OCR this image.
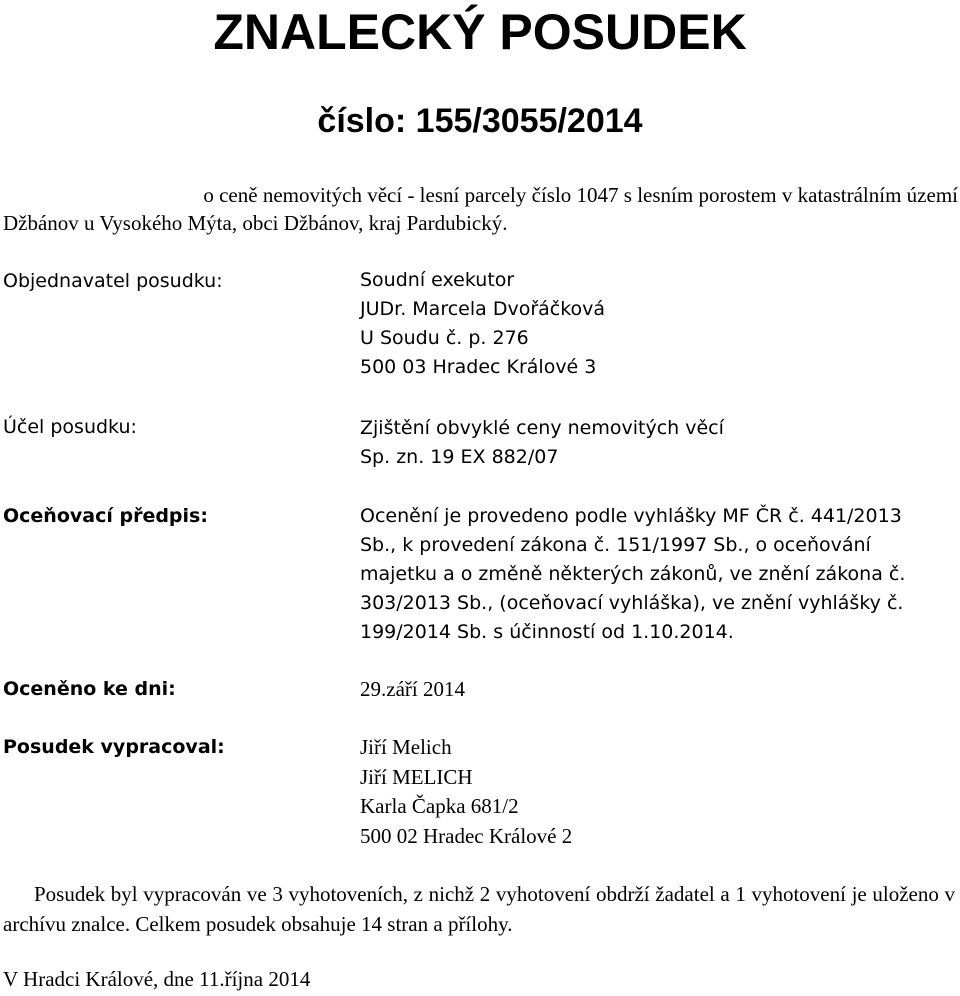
ZNALECKÝ POSUDEK
číslo: 155/3055/2014
o ceně nemovitých věcí - lesní parcely číslo 1047 s lesním porostem v katastrálním území
Džbánov u Vysokého Mýta, obci Džbánov, kraj Pardubický.
Objednavatel posudku:	Soudní exekutor
JUDr. Marcela Dvořáčková
U Soudu č. p. 276
500 03 Hradec Králové 3
Účel posudku:	Zjištění obvyklé ceny nemovitých věcí
Sp. zn. 19 EX 882/07
Oceňovací předpis:	Ocenění je provedeno podle vyhlášky MF ČR č. 441/2013
Sb., k provedení zákona č. 151/1997 Sb., o oceňování
majetku a o změně některých zákonů, ve znění zákona č.
303/2013 Sb., (oceňovací vyhláška), ve znění vyhlášky č.
199/2014 Sb. s účinností od 1.10.2014.
Oceněno ke dni:	29.září 2014
Posudek vypracoval:	Jiří Melich
Jiří MELICH
Karla Čapka 681/2
500 02 Hradec Králové 2

Posudek byl vypracován ve 3 vyhotoveních, z nichž 2 vyhotovení obdrží žadatel a 1 vyhotovení je uloženo v archívu znalce. Celkem posudek obsahuje 14 stran a přílohy.

V Hradci Králové, dne 11.října 2014
